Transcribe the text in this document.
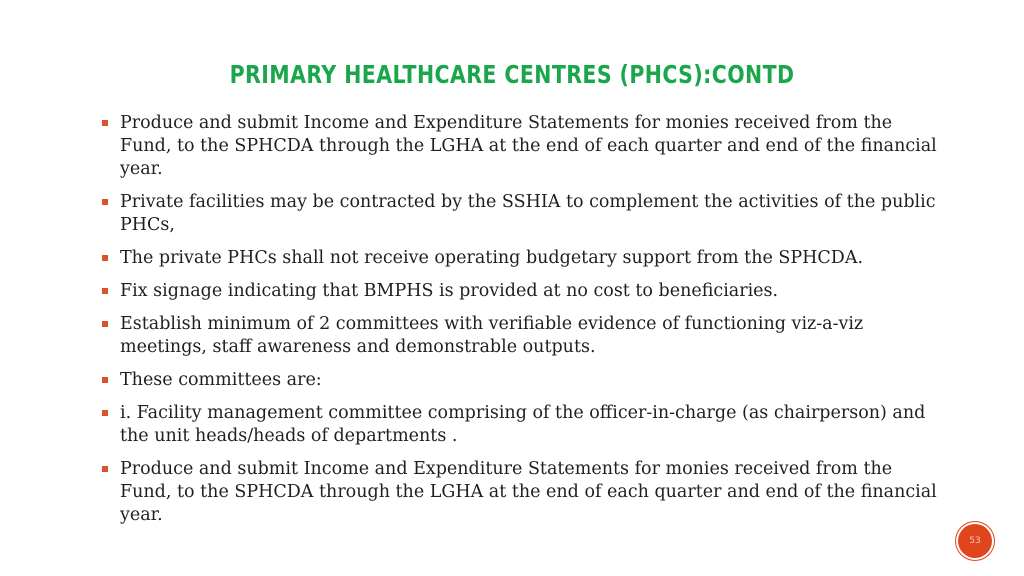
PRIMARY HEALTHCARE CENTRES (PHCS):CONTD
Produce and submit Income and Expenditure Statements for monies received from the Fund, to the SPHCDA through the LGHA at the end of each quarter and end of the financial year.
Private facilities may be contracted by the SSHIA to complement the activities of the public PHCs,
The private PHCs shall not receive operating budgetary support from the SPHCDA.
Fix signage indicating that BMPHS is provided at no cost to beneficiaries.
Establish minimum of 2 committees with verifiable evidence of functioning viz-a-viz meetings, staff awareness and demonstrable outputs.
These committees are:
i. Facility management committee comprising of the officer-in-charge (as chairperson) and the unit heads/heads of departments .
Produce and submit Income and Expenditure Statements for monies received from the Fund, to the SPHCDA through the LGHA at the end of each quarter and end of the financial year.
53
